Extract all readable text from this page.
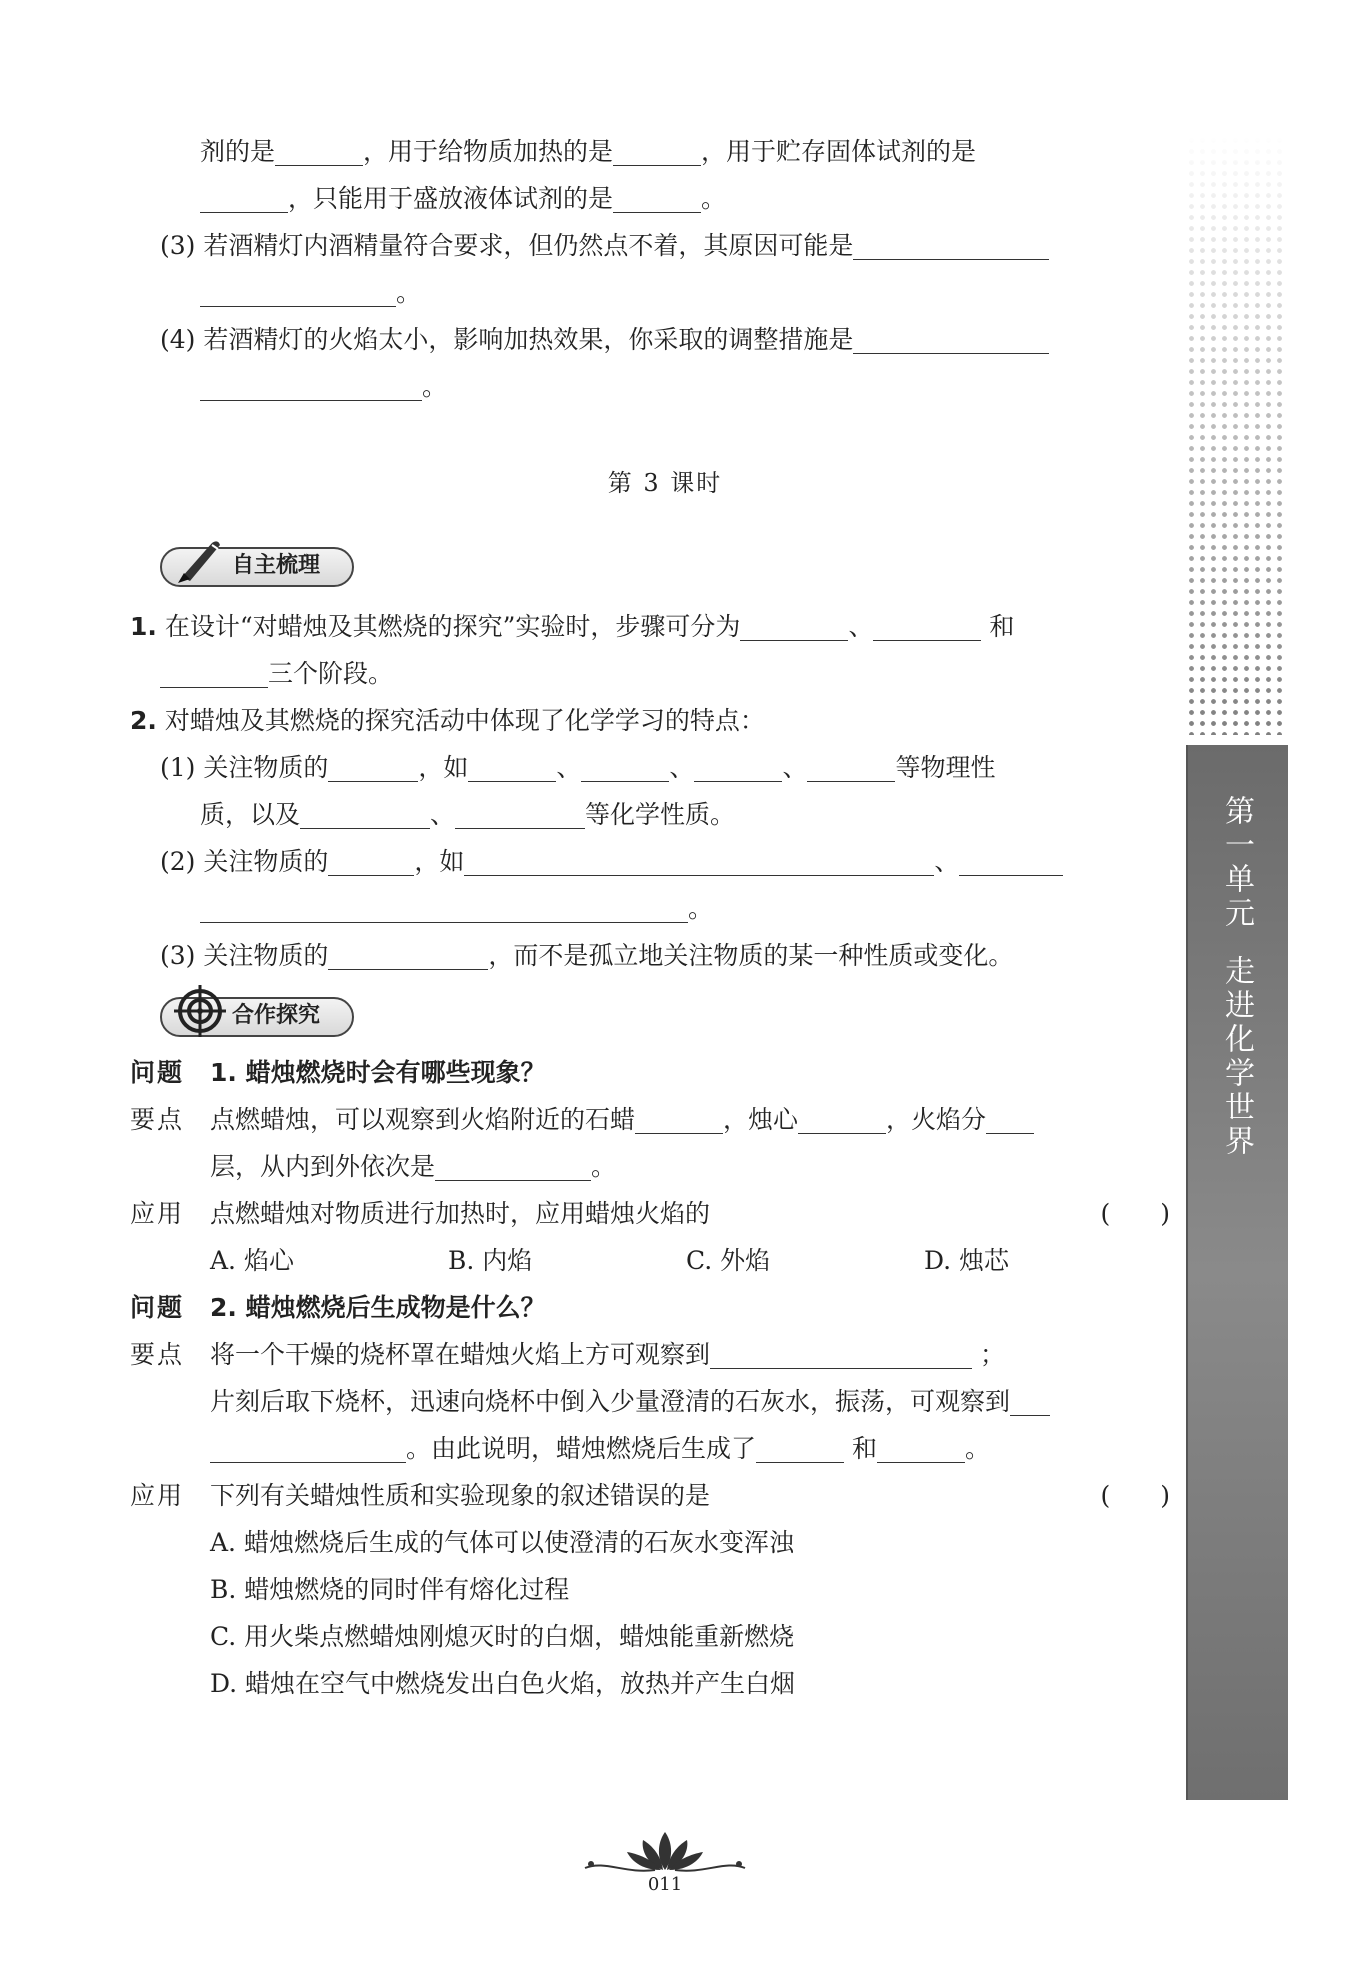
剂的是	，用于给物质加热的是	，用于贮存固体试剂的是
，只能用于盛放液体试剂的是	。
(3) 若酒精灯内酒精量符合要求，但仍然点不着，其原因可能是
。
(4) 若酒精灯的火焰太小，影响加热效果，你采取的调整措施是
。
第 3 课时
自主梳理
1. 在设计“对蜡烛及其燃烧的探究”实验时，步骤可分为	、	和
三个阶段。
2. 对蜡烛及其燃烧的探究活动中体现了化学学习的特点：
(1) 关注物质的	，如	、	、	、	等物理性
质，以及	、	等化学性质。
(2) 关注物质的	，如	、
。
(3) 关注物质的	，而不是孤立地关注物质的某一种性质或变化。
合作探究
问题 1. 蜡烛燃烧时会有哪些现象？
要点 点燃蜡烛，可以观察到火焰附近的石蜡	，烛心	，火焰分
层，从内到外依次是	。
应用 点燃蜡烛对物质进行加热时，应用蜡烛火焰的	(　　)
A. 焰心	B. 内焰	C. 外焰	D. 烛芯
问题 2. 蜡烛燃烧后生成物是什么？
要点 将一个干燥的烧杯罩在蜡烛火焰上方可观察到	；
片刻后取下烧杯，迅速向烧杯中倒入少量澄清的石灰水，振荡，可观察到
。由此说明，蜡烛燃烧后生成了	和	。
应用 下列有关蜡烛性质和实验现象的叙述错误的是	(　　)
A. 蜡烛燃烧后生成的气体可以使澄清的石灰水变浑浊
B. 蜡烛燃烧的同时伴有熔化过程
C. 用火柴点燃蜡烛刚熄灭时的白烟，蜡烛能重新燃烧
D. 蜡烛在空气中燃烧发出白色火焰，放热并产生白烟
第一单元走进化学世界
011
